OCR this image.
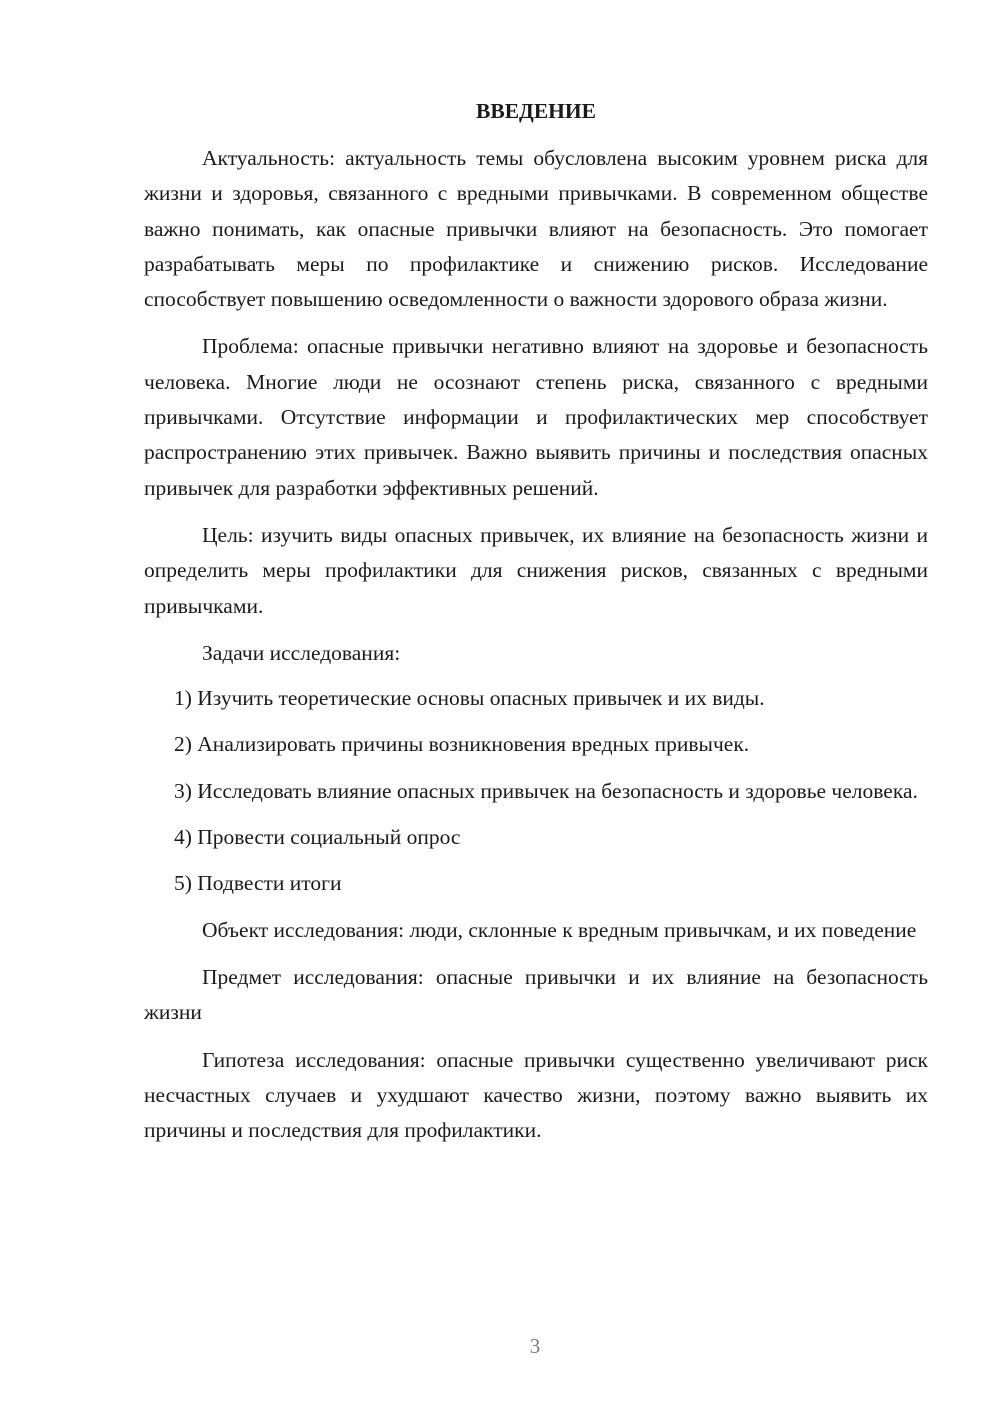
ВВЕДЕНИЕ

Актуальность: актуальность темы обусловлена высоким уровнем риска для жизни и здоровья, связанного с вредными привычками. В современном обществе важно понимать, как опасные привычки влияют на безопасность. Это помогает разрабатывать меры по профилактике и снижению рисков. Исследование способствует повышению осведомленности о важности здорового образа жизни.

Проблема: опасные привычки негативно влияют на здоровье и безопасность человека. Многие люди не осознают степень риска, связанного с вредными привычками. Отсутствие информации и профилактических мер способствует распространению этих привычек. Важно выявить причины и последствия опасных привычек для разработки эффективных решений.

Цель: изучить виды опасных привычек, их влияние на безопасность жизни и определить меры профилактики для снижения рисков, связанных с вредными привычками.

Задачи исследования:

1) Изучить теоретические основы опасных привычек и их виды.

2) Анализировать причины возникновения вредных привычек.

3) Исследовать влияние опасных привычек на безопасность и здоровье человека.

4) Провести социальный опрос

5) Подвести итоги

Объект исследования: люди, склонные к вредным привычкам, и их поведение

Предмет исследования: опасные привычки и их влияние на безопасность жизни

Гипотеза исследования: опасные привычки существенно увеличивают риск несчастных случаев и ухудшают качество жизни, поэтому важно выявить их причины и последствия для профилактики.

3
